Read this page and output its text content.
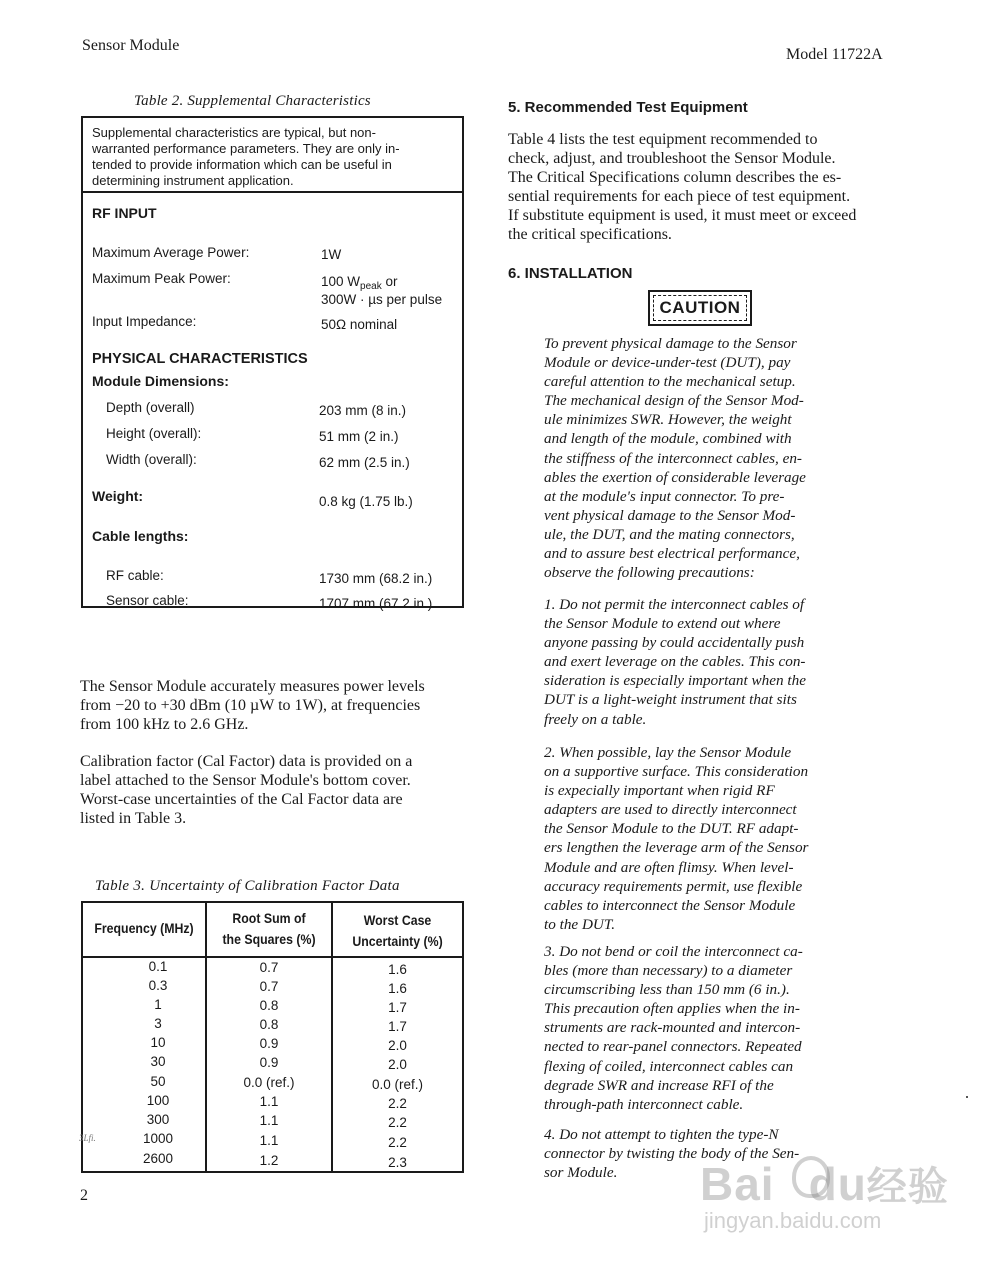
Sensor Module
Model 11722A
Table 2. Supplemental Characteristics
Supplemental characteristics are typical, but non-
warranted performance parameters. They are only in-
tended to provide information which can be useful in
determining instrument application.
RF INPUT
Maximum Average Power:	1W
Maximum Peak Power:	100 $W_{peak}$ or
300W · µs per pulse
Input Impedance:	50Ω nominal
PHYSICAL CHARACTERISTICS
Module Dimensions:
Depth (overall)	203 mm (8 in.)
Height (overall):	51 mm (2 in.)
Width (overall):	62 mm (2.5 in.)
Weight:	0.8 kg (1.75 lb.)
Cable lengths:
RF cable:	1730 mm (68.2 in.)
Sensor cable:	1707 mm (67.2 in.)
The Sensor Module accurately measures power levels
from −20 to +30 dBm (10 µW to 1W), at frequencies
from 100 kHz to 2.6 GHz.
Calibration factor (Cal Factor) data is provided on a
label attached to the Sensor Module's bottom cover.
Worst-case uncertainties of the Cal Factor data are
listed in Table 3.
Table 3. Uncertainty of Calibration Factor Data
Frequency (MHz)
Root Sum of
the Squares (%)
Worst Case
Uncertainty (%)
0.1	0.7	1.6
0.3	0.7	1.6
1	0.8	1.7
3	0.8	1.7
10	0.9	2.0
30	0.9	2.0
50	0.0 (ref.)	0.0 (ref.)
100	1.1	2.2
300	1.1	2.2
1000	1.1	2.2
2600	1.2	2.3
5. Recommended Test Equipment
Table 4 lists the test equipment recommended to
check, adjust, and troubleshoot the Sensor Module.
The Critical Specifications column describes the es-
sential requirements for each piece of test equipment.
If substitute equipment is used, it must meet or exceed
the critical specifications.
6. INSTALLATION
CAUTION
To prevent physical damage to the Sensor
Module or device-under-test (DUT), pay
careful attention to the mechanical setup.
The mechanical design of the Sensor Mod-
ule minimizes SWR. However, the weight
and length of the module, combined with
the stiffness of the interconnect cables, en-
ables the exertion of considerable leverage
at the module's input connector. To pre-
vent physical damage to the Sensor Mod-
ule, the DUT, and the mating connectors,
and to assure best electrical performance,
observe the following precautions:
1. Do not permit the interconnect cables of
the Sensor Module to extend out where
anyone passing by could accidentally push
and exert leverage on the cables. This con-
sideration is especially important when the
DUT is a light-weight instrument that sits
freely on a table.
2. When possible, lay the Sensor Module
on a supportive surface. This consideration
is expecially important when rigid RF
adapters are used to directly interconnect
the Sensor Module to the DUT. RF adapt-
ers lengthen the leverage arm of the Sensor
Module and are often flimsy. When level-
accuracy requirements permit, use flexible
cables to interconnect the Sensor Module
to the DUT.
3. Do not bend or coil the interconnect ca-
bles (more than necessary) to a diameter
circumscribing less than 150 mm (6 in.).
This precaution often applies when the in-
struments are rack-mounted and intercon-
nected to rear-panel connectors. Repeated
flexing of coiled, interconnect cables can
degrade SWR and increase RFI of the
through-path interconnect cable.
4. Do not attempt to tighten the type-N
connector by twisting the body of the Sen-
sor Module.
2
3Lfi.
Bai du经验
jingyan.baidu.com
